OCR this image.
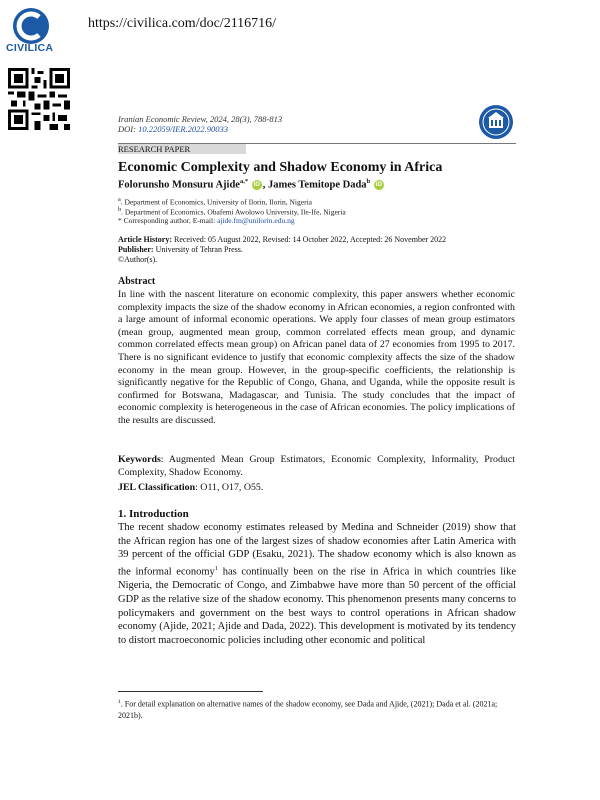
CIVILICA
https://civilica.com/doc/2116716/
Iranian Economic Review, 2024, 28(3), 788-813
DOI: 10.22059/IER.2022.90033
RESEARCH PAPER
Economic Complexity and Shadow Economy in Africa
Folorunsho Monsuru Ajide$^{a,*}$ iD , James Temitope Dada$^b$ iD
$^a$. Department of Economics, University of Ilorin, Ilorin, Nigeria
$^b$. Department of Economics, Obafemi Awolowo University, Ile-Ife, Nigeria
* Corresponding author, E-mail: ajide.fm@unilorin.edu.ng
Article History: Received: 05 August 2022, Revised: 14 October 2022, Accepted: 26 November 2022
Publisher: University of Tehran Press.
©Author(s).
Abstract
In line with the nascent literature on economic complexity, this paper answers whether economic complexity impacts the size of the shadow economy in African economies, a region confronted with a large amount of informal economic operations. We apply four classes of mean group estimators (mean group, augmented mean group, common correlated effects mean group, and dynamic common correlated effects mean group) on African panel data of 27 economies from 1995 to 2017. There is no significant evidence to justify that economic complexity affects the size of the shadow economy in the mean group. However, in the group-specific coefficients, the relationship is significantly negative for the Republic of Congo, Ghana, and Uganda, while the opposite result is confirmed for Botswana, Madagascar, and Tunisia. The study concludes that the impact of economic complexity is heterogeneous in the case of African economies. The policy implications of the results are discussed.
Keywords: Augmented Mean Group Estimators, Economic Complexity, Informality, Product Complexity, Shadow Economy.
JEL Classification: O11, O17, O55.
1. Introduction
The recent shadow economy estimates released by Medina and Schneider (2019) show that the African region has one of the largest sizes of shadow economies after Latin America with 39 percent of the official GDP (Esaku, 2021). The shadow economy which is also known as the informal economy$^1$ has continually been on the rise in Africa in which countries like Nigeria, the Democratic of Congo, and Zimbabwe have more than 50 percent of the official GDP as the relative size of the shadow economy. This phenomenon presents many concerns to policymakers and government on the best ways to control operations in African shadow economy (Ajide, 2021; Ajide and Dada, 2022). This development is motivated by its tendency to distort macroeconomic policies including other economic and political
$^1$. For detail explanation on alternative names of the shadow economy, see Dada and Ajide, (2021); Dada et al. (2021a; 2021b).
